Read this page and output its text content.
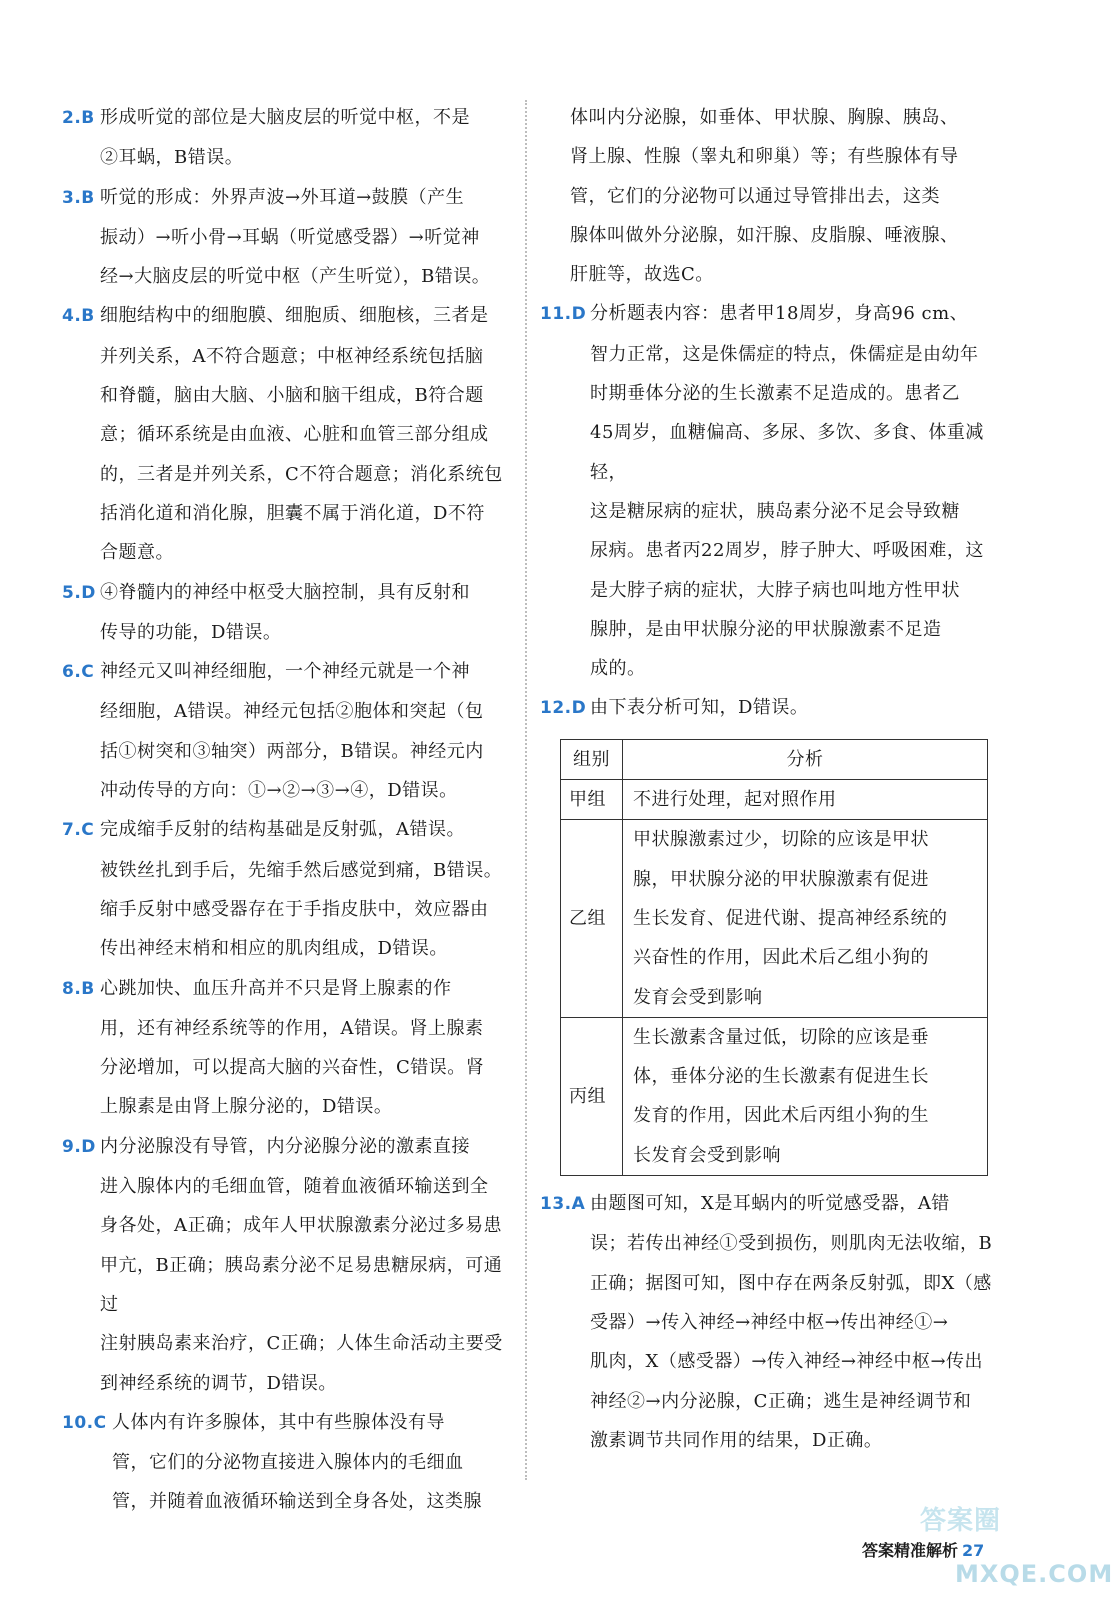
2.B 形成听觉的部位是大脑皮层的听觉中枢，不是
②耳蜗，B错误。

3.B 听觉的形成：外界声波→外耳道→鼓膜（产生
振动）→听小骨→耳蜗（听觉感受器）→听觉神
经→大脑皮层的听觉中枢（产生听觉），B错误。

4.B 细胞结构中的细胞膜、细胞质、细胞核，三者是
并列关系，A不符合题意；中枢神经系统包括脑
和脊髓，脑由大脑、小脑和脑干组成，B符合题
意；循环系统是由血液、心脏和血管三部分组成
的，三者是并列关系，C不符合题意；消化系统包
括消化道和消化腺，胆囊不属于消化道，D不符
合题意。

5.D ④脊髓内的神经中枢受大脑控制，具有反射和
传导的功能，D错误。

6.C 神经元又叫神经细胞，一个神经元就是一个神
经细胞，A错误。神经元包括②胞体和突起（包
括①树突和③轴突）两部分，B错误。神经元内
冲动传导的方向：①→②→③→④，D错误。

7.C 完成缩手反射的结构基础是反射弧，A错误。
被铁丝扎到手后，先缩手然后感觉到痛，B错误。
缩手反射中感受器存在于手指皮肤中，效应器由
传出神经末梢和相应的肌肉组成，D错误。

8.B 心跳加快、血压升高并不只是肾上腺素的作
用，还有神经系统等的作用，A错误。肾上腺素
分泌增加，可以提高大脑的兴奋性，C错误。肾
上腺素是由肾上腺分泌的，D错误。

9.D 内分泌腺没有导管，内分泌腺分泌的激素直接
进入腺体内的毛细血管，随着血液循环输送到全
身各处，A正确；成年人甲状腺激素分泌过多易患
甲亢，B正确；胰岛素分泌不足易患糖尿病，可通过
注射胰岛素来治疗，C正确；人体生命活动主要受
到神经系统的调节，D错误。

10.C 人体内有许多腺体，其中有些腺体没有导
管，它们的分泌物直接进入腺体内的毛细血
管，并随着血液循环输送到全身各处，这类腺

体叫内分泌腺，如垂体、甲状腺、胸腺、胰岛、
肾上腺、性腺（睾丸和卵巢）等；有些腺体有导
管，它们的分泌物可以通过导管排出去，这类
腺体叫做外分泌腺，如汗腺、皮脂腺、唾液腺、
肝脏等，故选C。

11.D 分析题表内容：患者甲18周岁，身高96 cm、
智力正常，这是侏儒症的特点，侏儒症是由幼年
时期垂体分泌的生长激素不足造成的。患者乙
45周岁，血糖偏高、多尿、多饮、多食、体重减轻，
这是糖尿病的症状，胰岛素分泌不足会导致糖
尿病。患者丙22周岁，脖子肿大、呼吸困难，这
是大脖子病的症状，大脖子病也叫地方性甲状
腺肿，是由甲状腺分泌的甲状腺激素不足造
成的。

12.D 由下表分析可知，D错误。

组别	分析
甲组	不进行处理，起对照作用
乙组	甲状腺激素过少，切除的应该是甲状
腺，甲状腺分泌的甲状腺激素有促进
生长发育、促进代谢、提高神经系统的
兴奋性的作用，因此术后乙组小狗的
发育会受到影响
丙组	生长激素含量过低，切除的应该是垂
体，垂体分泌的生长激素有促进生长
发育的作用，因此术后丙组小狗的生
长发育会受到影响

13.A 由题图可知，X是耳蜗内的听觉感受器，A错
误；若传出神经①受到损伤，则肌肉无法收缩，B
正确；据图可知，图中存在两条反射弧，即X（感
受器）→传入神经→神经中枢→传出神经①→
肌肉，X（感受器）→传入神经→神经中枢→传出
神经②→内分泌腺，C正确；逃生是神经调节和
激素调节共同作用的结果，D正确。

答案圈
MXQE.COM
答案精准解析 27
